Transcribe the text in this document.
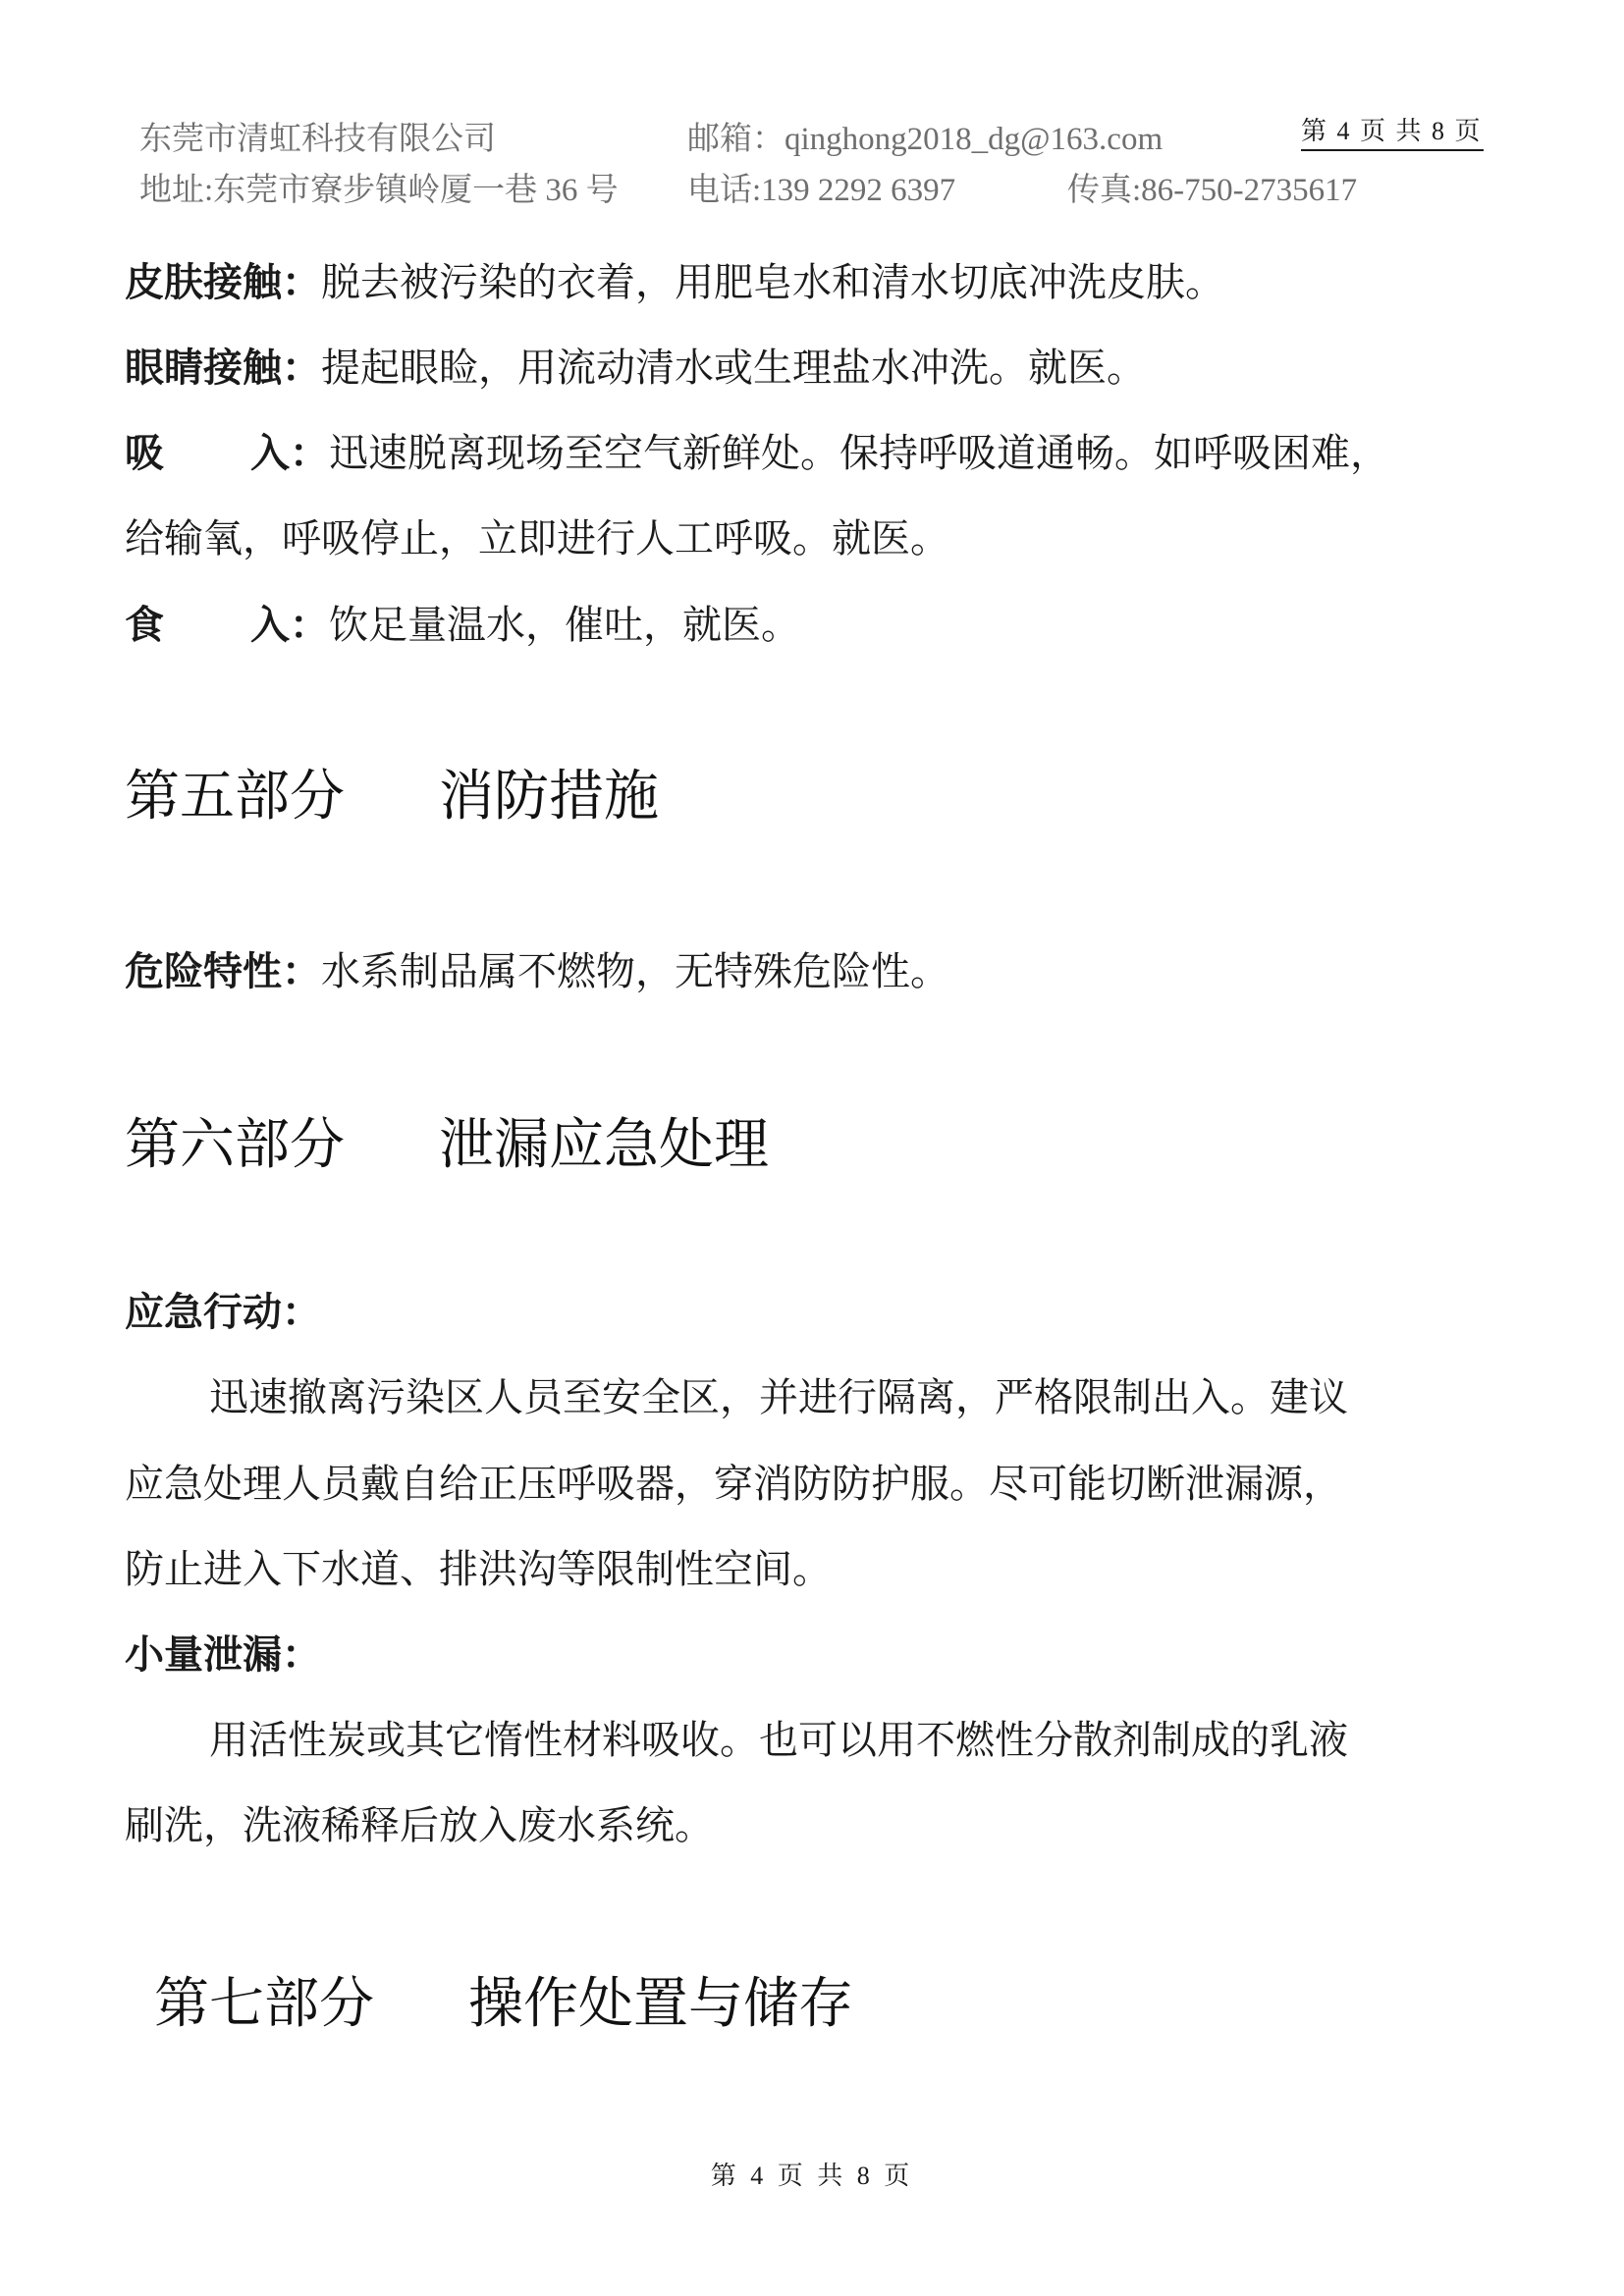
东莞市清虹科技有限公司	邮箱：qinghong2018_dg@163.com	第 4 页 共 8 页
地址:东莞市寮步镇岭厦一巷 36 号 电话:139 2292 6397	传真:86-750-2735617
皮肤接触：脱去被污染的衣着，用肥皂水和清水切底冲洗皮肤。
眼睛接触：提起眼睑，用流动清水或生理盐水冲洗。就医。
吸 入：迅速脱离现场至空气新鲜处。保持呼吸道通畅。如呼吸困难，
给输氧，呼吸停止，立即进行人工呼吸。就医。
食 入：饮足量温水，催吐，就医。
第五部分 消防措施
危险特性：水系制品属不燃物，无特殊危险性。
第六部分 泄漏应急处理
应急行动：
迅速撤离污染区人员至安全区，并进行隔离，严格限制出入。建议
应急处理人员戴自给正压呼吸器，穿消防防护服。尽可能切断泄漏源，
防止进入下水道、排洪沟等限制性空间。
小量泄漏：
用活性炭或其它惰性材料吸收。也可以用不燃性分散剂制成的乳液
刷洗，洗液稀释后放入废水系统。
第七部分 操作处置与储存
第 4 页 共 8 页
